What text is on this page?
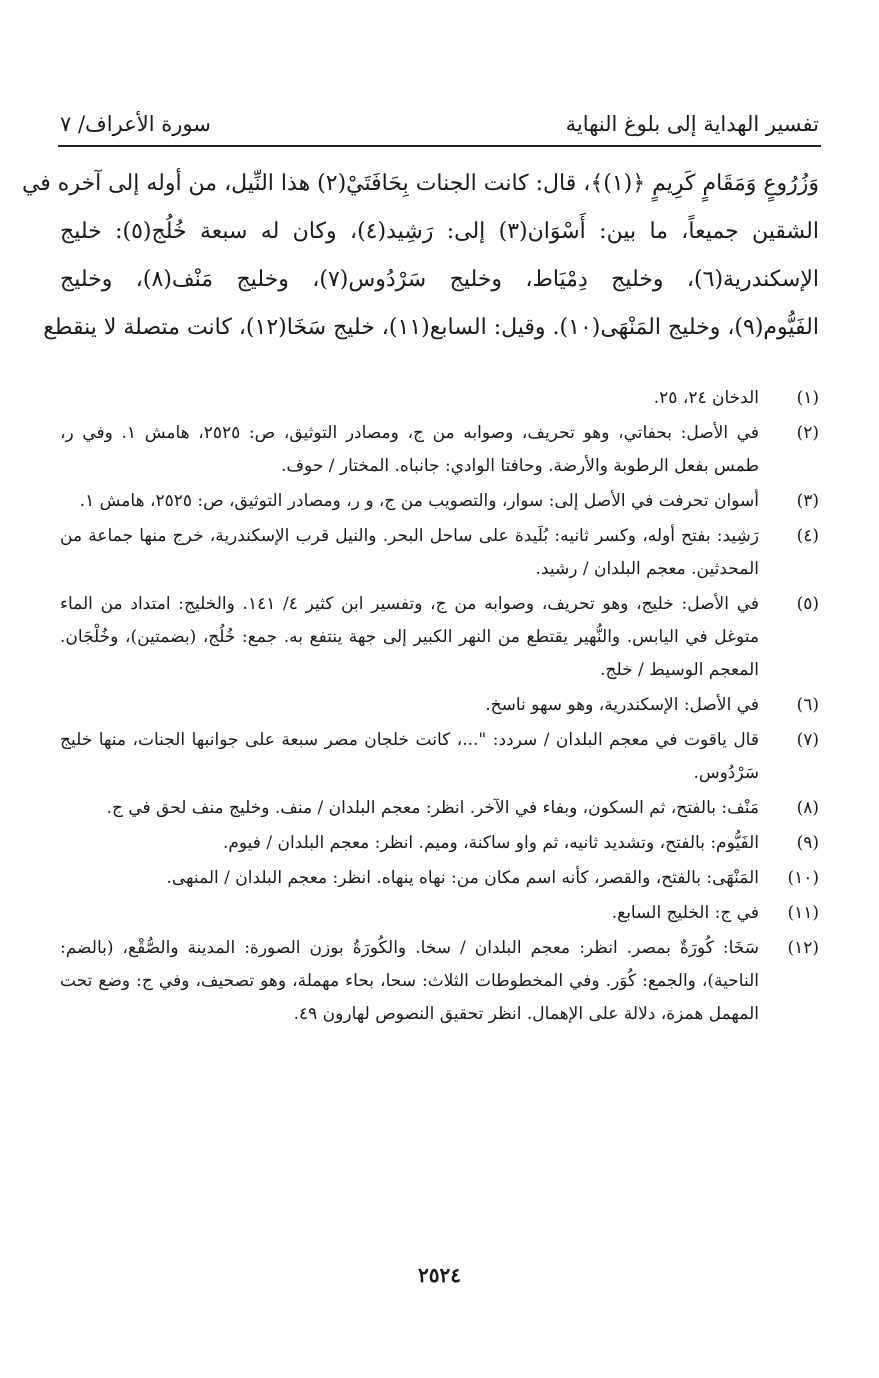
تفسير الهداية إلى بلوغ النهاية
سورة الأعراف/ ٧
وَزُرُوعٍ وَمَقَامٍ كَرِيمٍ ﴿(١)﴾، قال: كانت الجنات بِحَافَتَيْ(٢) هذا النِّيل، من أوله إلى آخره في
الشقين جميعاً، ما بين: أَسْوَان(٣) إلى: رَشِيد(٤)، وكان له سبعة خُلُج(٥): خليج
الإسكندرية(٦)، وخليج دِمْيَاط، وخليج سَرْدُوس(٧)، وخليج مَنْف(٨)، وخليج
الفَيُّوم(٩)، وخليج المَنْهَى(١٠). وقيل: السابع(١١)، خليج سَخَا(١٢)، كانت متصلة لا ينقطع
(١)
الدخان ٢٤، ٢٥.
(٢)
في الأصل: بحفاتي، وهو تحريف، وصوابه من ج، ومصادر التوثيق، ص: ٢٥٢٥، هامش ١. وفي ر، طمس بفعل الرطوبة والأرضة. وحافتا الوادي: جانباه. المختار / حوف.
(٣)
أسوان تحرفت في الأصل إلى: سوار، والتصويب من ج، و ر، ومصادر التوثيق، ص: ٢٥٢٥، هامش ١.
(٤)
رَشِيد: بفتح أوله، وكسر ثانيه: بُلَيدة على ساحل البحر. والنيل قرب الإسكندرية، خرج منها جماعة من المحدثين. معجم البلدان / رشيد.
(٥)
في الأصل: خليج، وهو تحريف، وصوابه من ج، وتفسير ابن كثير ٤/ ١٤١. والخليج: امتداد من الماء متوغل في اليابس. والنُّهير يقتطع من النهر الكبير إلى جهة ينتفع به. جمع: خُلُج، (بضمتين)، وخُلْجَان. المعجم الوسيط / خلج.
(٦)
في الأصل: الإسكندرية، وهو سهو ناسخ.
(٧)
قال ياقوت في معجم البلدان / سردد: "...، كانت خلجان مصر سبعة على جوانبها الجنات، منها خليج سَرْدُوس.
(٨)
مَنْف: بالفتح، ثم السكون، وبفاء في الآخر. انظر: معجم البلدان / منف. وخليج منف لحق في ج.
(٩)
الفَيُّوم: بالفتح، وتشديد ثانيه، ثم واو ساكنة، وميم. انظر: معجم البلدان / فيوم.
(١٠)
المَنْهَى: بالفتح، والقصر، كأنه اسم مكان من: نهاه ينهاه. انظر: معجم البلدان / المنهى.
(١١)
في ج: الخليج السابع.
(١٢)
سَخَا: كُورَةٌ بمصر. انظر: معجم البلدان / سخا. والكُورَةُ بوزن الصورة: المدينة والصُّقْع، (بالضم: الناحية)، والجمع: كُوَر. وفي المخطوطات الثلاث: سحا، بحاء مهملة، وهو تصحيف، وفي ج: وضع تحت المهمل همزة، دلالة على الإهمال. انظر تحقيق النصوص لهارون ٤٩.
٢٥٢٤
